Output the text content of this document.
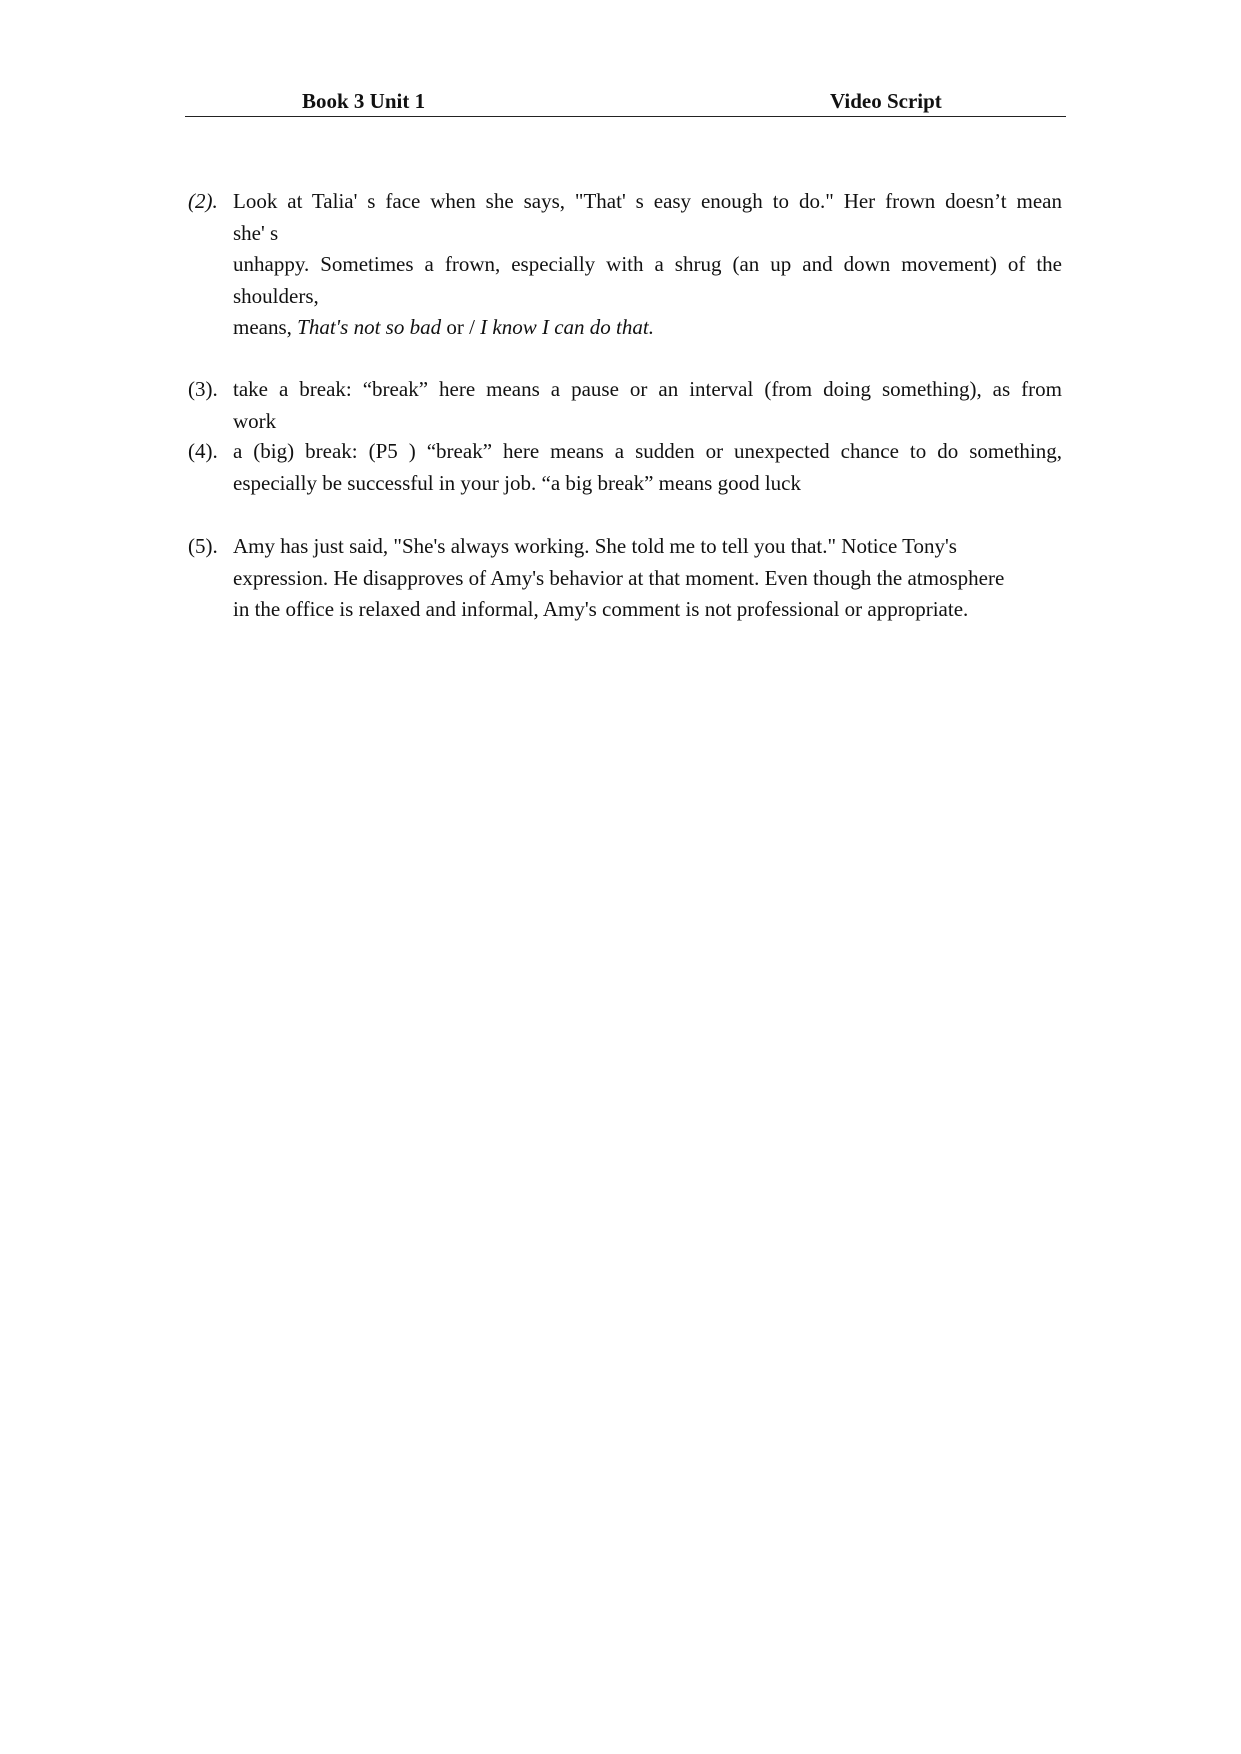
Book 3 Unit 1	Video Script
(2). Look at Talia' s face when she says, "That' s easy enough to do." Her frown doesn’t mean
she' s
unhappy. Sometimes a frown, especially with a shrug (an up and down movement) of the
shoulders,
means, That's not so bad or / I know I can do that.
(3). take a break: “break” here means a pause or an interval (from doing something), as from
work
(4). a (big) break: (P5 ) “break” here means a sudden or unexpected chance to do something,
especially be successful in your job. “a big break” means good luck
(5). Amy has just said, "She's always working. She told me to tell you that." Notice Tony's
expression. He disapproves of Amy's behavior at that moment. Even though the atmosphere
in the office is relaxed and informal, Amy's comment is not professional or appropriate.
